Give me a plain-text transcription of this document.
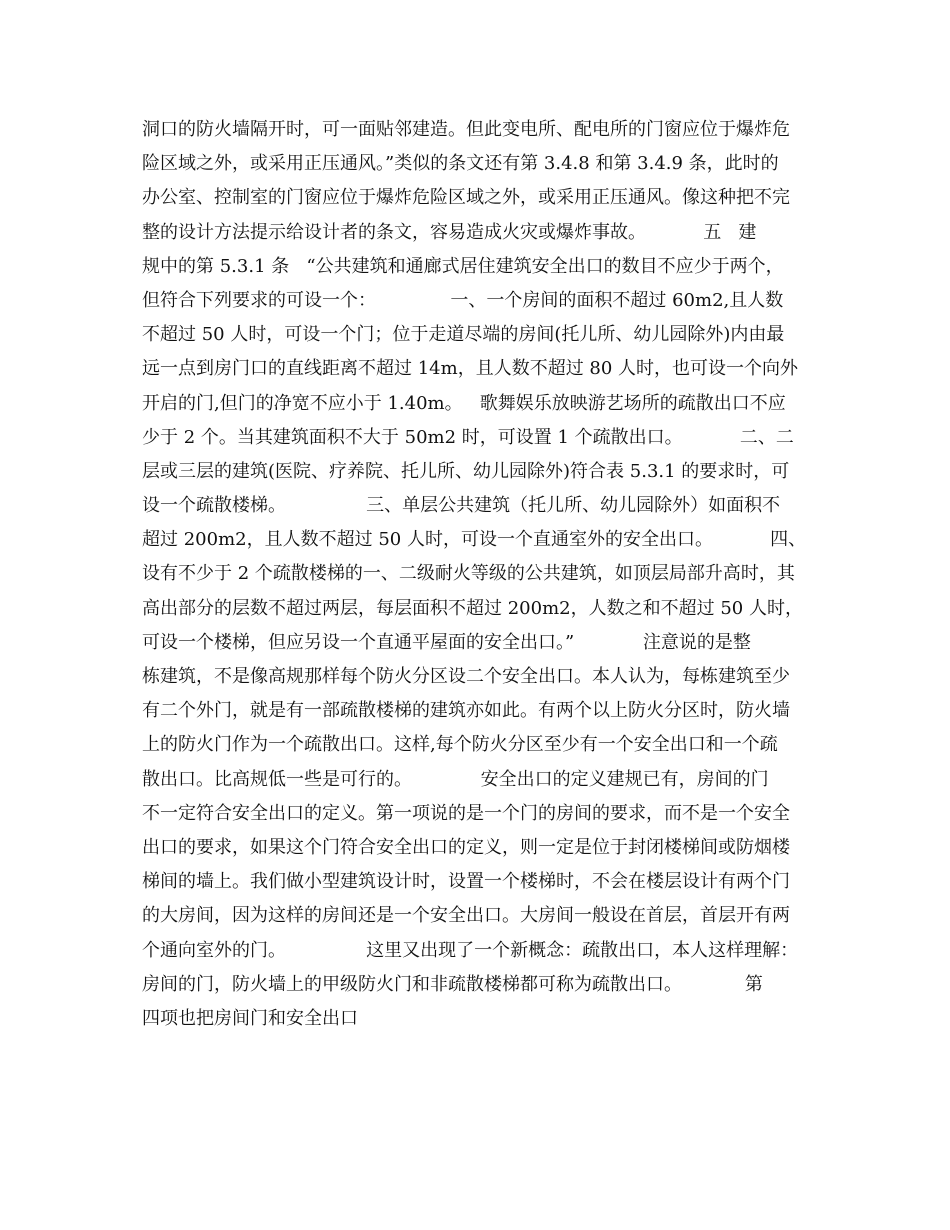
洞口的防火墙隔开时，可一面贴邻建造。但此变电所、配电所的门窗应位于爆炸危
险区域之外，或采用正压通风。”类似的条文还有第 3.4.8 和第 3.4.9 条，此时的
办公室、控制室的门窗应位于爆炸危险区域之外，或采用正压通风。像这种把不完
整的设计方法提示给设计者的条文，容易造成火灾或爆炸事故。          五   建
规中的第 5.3.1 条   “公共建筑和通廊式居住建筑安全出口的数目不应少于两个，
但符合下列要求的可设一个：             一、一个房间的面积不超过 60m2,且人数
不超过 50 人时，可设一个门；位于走道尽端的房间(托儿所、幼儿园除外)内由最
远一点到房门口的直线距离不超过 14m，且人数不超过 80 人时，也可设一个向外
开启的门,但门的净宽不应小于 1.40m。   歌舞娱乐放映游艺场所的疏散出口不应
少于 2 个。当其建筑面积不大于 50m2 时，可设置 1 个疏散出口。          二、二
层或三层的建筑(医院、疗养院、托儿所、幼儿园除外)符合表 5.3.1 的要求时，可
设一个疏散楼梯。              三、单层公共建筑（托儿所、幼儿园除外）如面积不
超过 200m2，且人数不超过 50 人时，可设一个直通室外的安全出口。          四、
设有不少于 2 个疏散楼梯的一、二级耐火等级的公共建筑，如顶层局部升高时，其
高出部分的层数不超过两层，每层面积不超过 200m2，人数之和不超过 50 人时，
可设一个楼梯，但应另设一个直通平屋面的安全出口。”            注意说的是整
栋建筑，不是像高规那样每个防火分区设二个安全出口。本人认为，每栋建筑至少
有二个外门，就是有一部疏散楼梯的建筑亦如此。有两个以上防火分区时，防火墙
上的防火门作为一个疏散出口。这样,每个防火分区至少有一个安全出口和一个疏
散出口。比高规低一些是可行的。            安全出口的定义建规已有，房间的门
不一定符合安全出口的定义。第一项说的是一个门的房间的要求，而不是一个安全
出口的要求，如果这个门符合安全出口的定义，则一定是位于封闭楼梯间或防烟楼
梯间的墙上。我们做小型建筑设计时，设置一个楼梯时，不会在楼层设计有两个门
的大房间，因为这样的房间还是一个安全出口。大房间一般设在首层，首层开有两
个通向室外的门。              这里又出现了一个新概念：疏散出口，本人这样理解：
房间的门，防火墙上的甲级防火门和非疏散楼梯都可称为疏散出口。           第
四项也把房间门和安全出口
